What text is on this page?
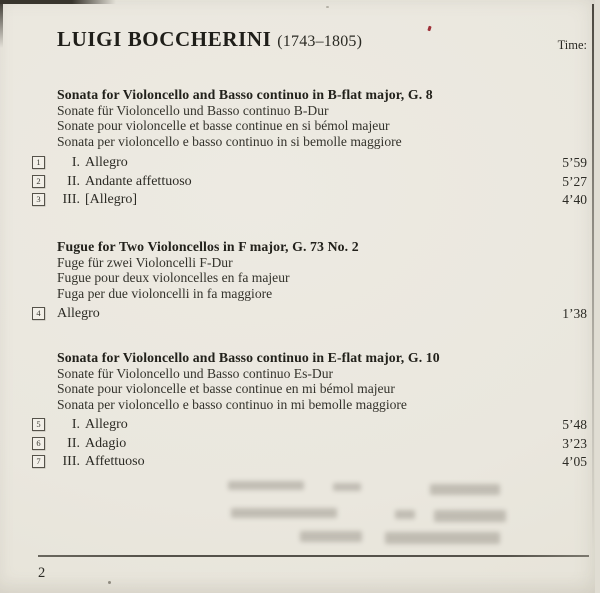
LUIGI BOCCHERINI (1743–1805)	Time:
Sonata for Violoncello and Basso continuo in B-flat major, G. 8
Sonate für Violoncello und Basso continuo B-Dur
Sonate pour violoncelle et basse continue en si bémol majeur
Sonata per violoncello e basso continuo in si bemolle maggiore
1	I. Allegro	5’59
2	II. Andante affettuoso	5’27
3	III. [Allegro]	4’40
Fugue for Two Violoncellos in F major, G. 73 No. 2
Fuge für zwei Violoncelli F-Dur
Fugue pour deux violoncelles en fa majeur
Fuga per due violoncelli in fa maggiore
4	Allegro	1’38
Sonata for Violoncello and Basso continuo in E-flat major, G. 10
Sonate für Violoncello und Basso continuo Es-Dur
Sonate pour violoncelle et basse continue en mi bémol majeur
Sonata per violoncello e basso continuo in mi bemolle maggiore
5	I. Allegro	5’48
6	II. Adagio	3’23
7	III. Affettuoso	4’05
2
